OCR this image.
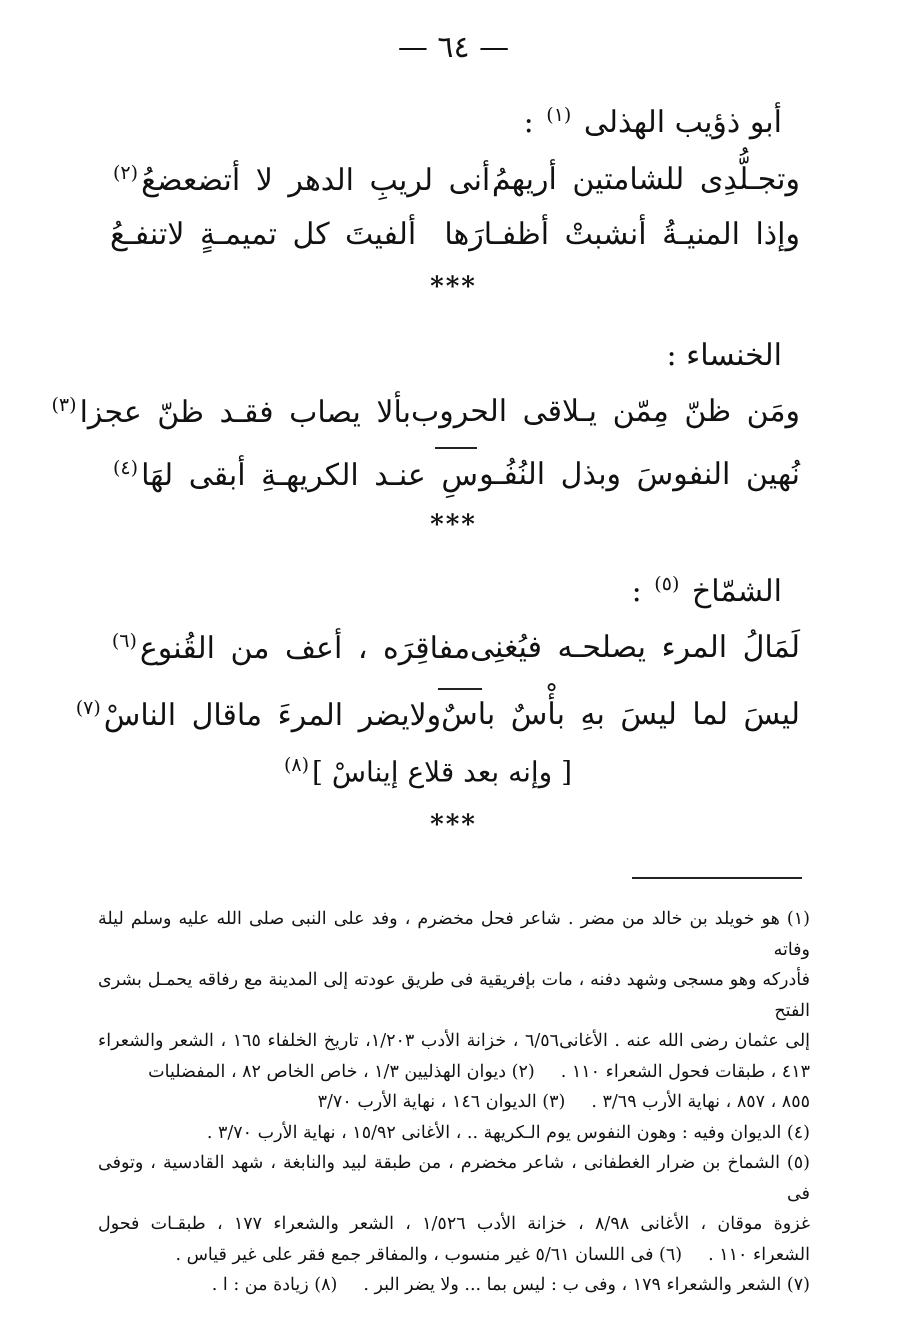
— ٦٤ —
أبو ذؤيب الهذلى $^{(١)}$ :
وتجـلُّدِى للشامتين أريهمُ
أنى لريبِ الدهر لا أتضعضعُ$^{(٢)}$
وإذا المنيـةُ أنشبتْ أظفـارَها
ألفيتَ كل تميمـةٍ لاتنفـعُ
***
الخنساء :
ومَن ظنّ مِمّن يـلاقى الحروب
بألا يصاب فقـد ظنّ عجزا$^{(٣)}$
نُهين النفوسَ وبذل النُفُـو
سِ عنـد الكريهـةِ أبقى لهَا$^{(٤)}$
***
الشمّاخ $^{(٥)}$ :
لَمَالُ المرء يصلحـه فيُغنِى
مفاقِرَه ، أعف من القُنوع$^{(٦)}$
ليسَ لما ليسَ بهِ بأْسٌ باسٌ
ولايضر المرءَ ماقال الناسْ$^{(٧)}$
[ وإنه بعد قلاع إيناسْ ]$^{(٨)}$
***

(١) هو خويلد بن خالد من مضر . شاعر فحل مخضرم ، وفد على النبى صلى الله عليه وسلم ليلة وفاته

فأدركه وهو مسجى وشهد دفنه ، مات بإفريقية فى طريق عودته إلى المدينة مع رفاقه يحمـل بشرى الفتح

إلى عثمان رضى الله عنه . الأغانى٦/٥٦ ، خزانة الأدب ١/٢٠٣، تاريخ الخلفاء ١٦٥ ، الشعر والشعراء

٤١٣ ، طبقات فحول الشعراء ١١٠ .(٢) ديوان الهذليين ١/٣ ، خاص الخاص ٨٢ ، المفضليات

٨٥٥ ، ٨٥٧ ، نهاية الأرب ٣/٦٩ .(٣) الديوان ١٤٦ ، نهاية الأرب ٣/٧٠

(٤) الديوان وفيه : وهون النفوس يوم الـكريهة .. ، الأغانى ١٥/٩٢ ، نهاية الأرب ٣/٧٠ .

(٥) الشماخ بن ضرار الغطفانى ، شاعر مخضرم ، من طبقة لبيد والنابغة ، شهد القادسية ، وتوفى فى

غزوة موقان ، الأغانى ٨/٩٨ ، خزانة الأدب ١/٥٢٦ ، الشعر والشعراء ١٧٧ ، طبقـات فحول

الشعراء ١١٠ .(٦) فى اللسان ٥/٦١ غير منسوب ، والمفاقر جمع فقر على غير قياس .

(٧) الشعر والشعراء ١٧٩ ، وفى ب : ليس بما ... ولا يضر البر .(٨) زيادة من : ا .
